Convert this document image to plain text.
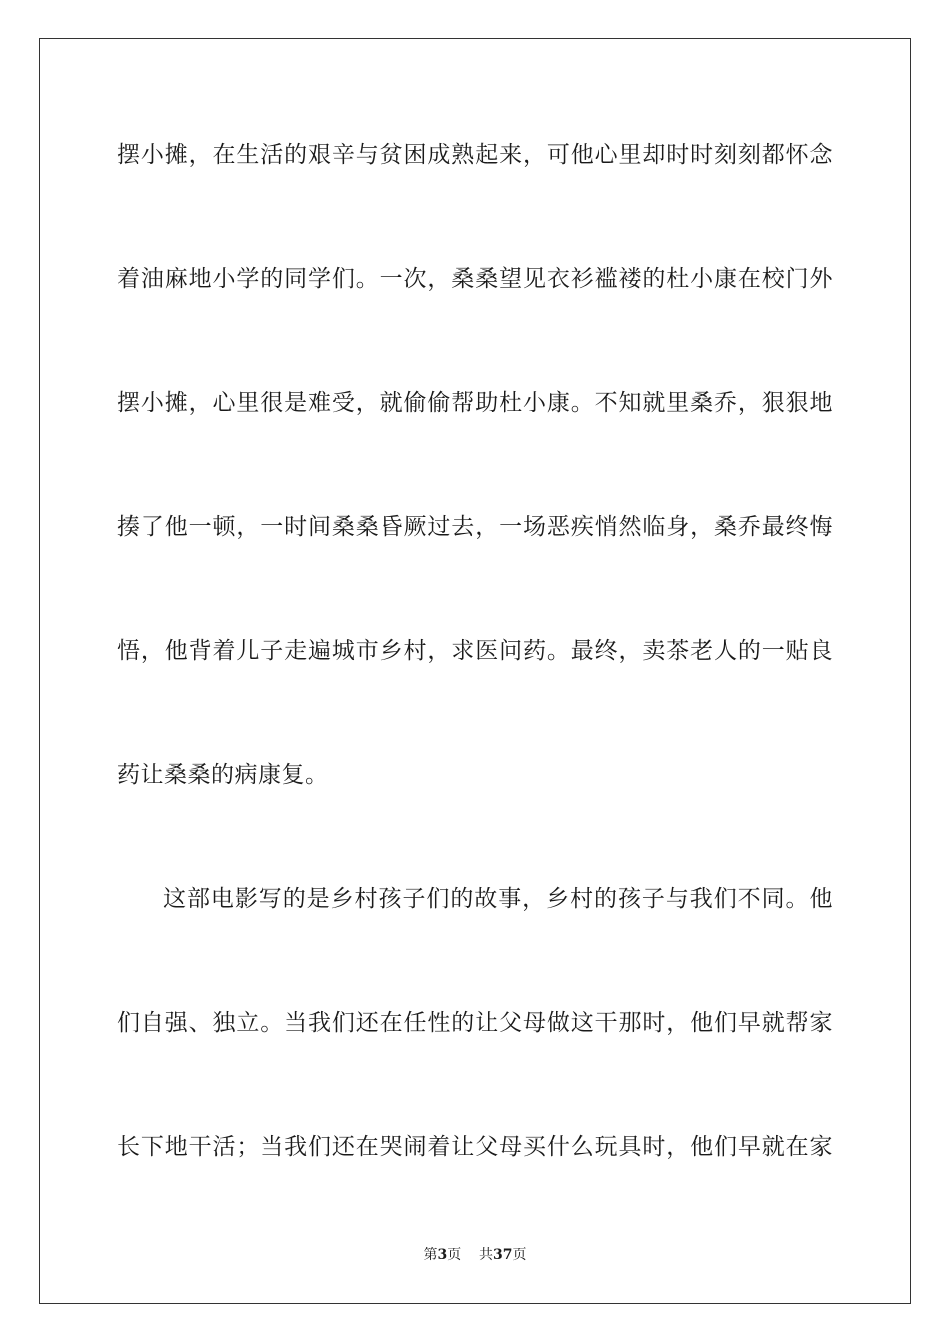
摆小摊，在生活的艰辛与贫困成熟起来，可他心里却时时刻刻都怀念
着油麻地小学的同学们。一次，桑桑望见衣衫褴褛的杜小康在校门外
摆小摊，心里很是难受，就偷偷帮助杜小康。不知就里桑乔，狠狠地
揍了他一顿，一时间桑桑昏厥过去，一场恶疾悄然临身，桑乔最终悔
悟，他背着儿子走遍城市乡村，求医问药。最终，卖茶老人的一贴良
药让桑桑的病康复。
这部电影写的是乡村孩子们的故事，乡村的孩子与我们不同。他
们自强、独立。当我们还在任性的让父母做这干那时，他们早就帮家
长下地干活；当我们还在哭闹着让父母买什么玩具时，他们早就在家
第3页 共37页
